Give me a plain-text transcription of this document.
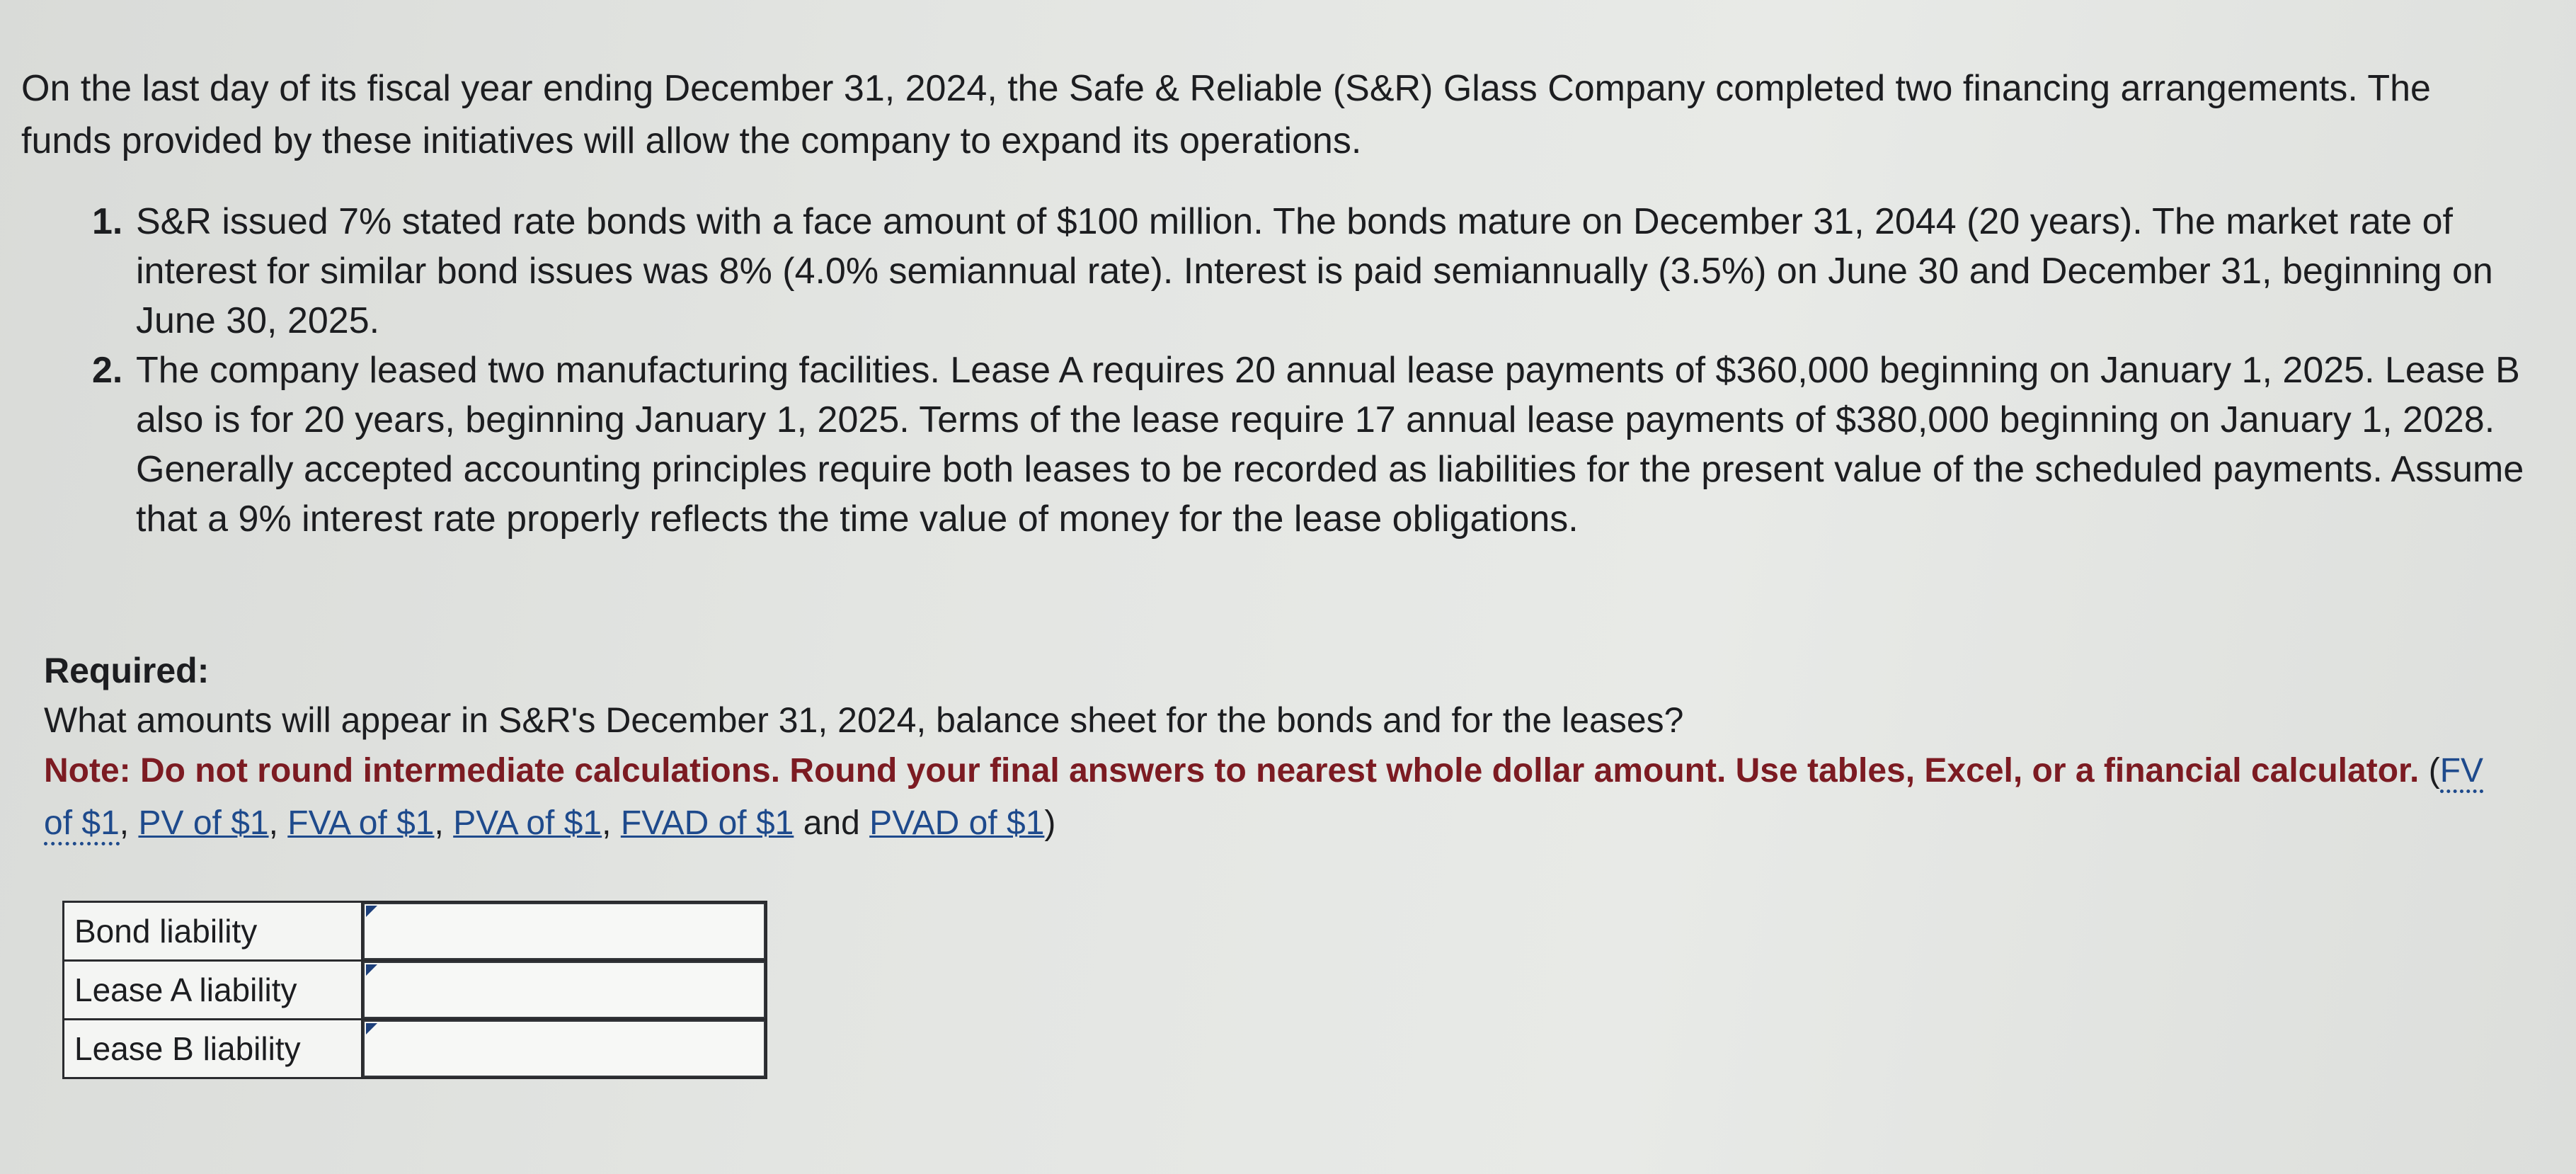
On the last day of its fiscal year ending December 31, 2024, the Safe & Reliable (S&R) Glass Company completed two financing arrangements. The funds provided by these initiatives will allow the company to expand its operations.

1. S&R issued 7% stated rate bonds with a face amount of $100 million. The bonds mature on December 31, 2044 (20 years). The market rate of interest for similar bond issues was 8% (4.0% semiannual rate). Interest is paid semiannually (3.5%) on June 30 and December 31, beginning on June 30, 2025.
2. The company leased two manufacturing facilities. Lease A requires 20 annual lease payments of $360,000 beginning on January 1, 2025. Lease B also is for 20 years, beginning January 1, 2025. Terms of the lease require 17 annual lease payments of $380,000 beginning on January 1, 2028. Generally accepted accounting principles require both leases to be recorded as liabilities for the present value of the scheduled payments. Assume that a 9% interest rate properly reflects the time value of money for the lease obligations.

Required:

What amounts will appear in S&R's December 31, 2024, balance sheet for the bonds and for the leases?

Note: Do not round intermediate calculations. Round your final answers to nearest whole dollar amount. Use tables, Excel, or a financial calculator. (FV of $1, PV of $1, FVA of $1, PVA of $1, FVAD of $1 and PVAD of $1)

Bond liability	

Lease A liability	

Lease B liability	
